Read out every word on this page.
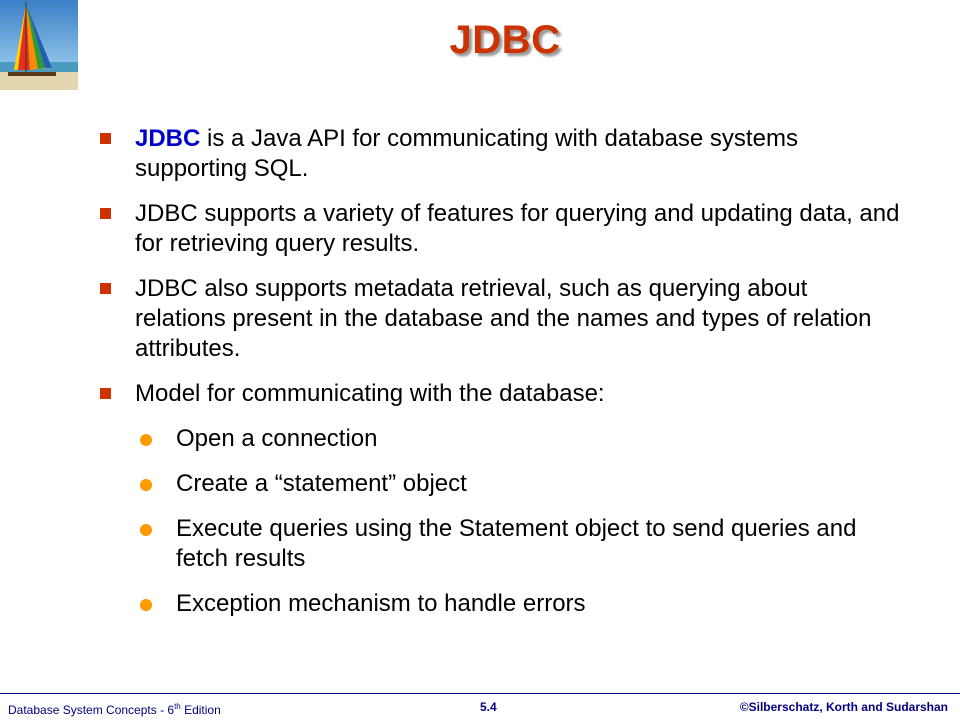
JDBC
JDBC is a Java API for communicating with database systems supporting SQL.
JDBC supports a variety of features for querying and updating data, and for retrieving query results.
JDBC also supports metadata retrieval, such as querying about relations present in the database and the names and types of relation attributes.
Model for communicating with the database:
Open a connection
Create a “statement” object
Execute queries using the Statement object to send queries and fetch results
Exception mechanism to handle errors
Database System Concepts - 6th Edition	5.4	©Silberschatz, Korth and Sudarshan
